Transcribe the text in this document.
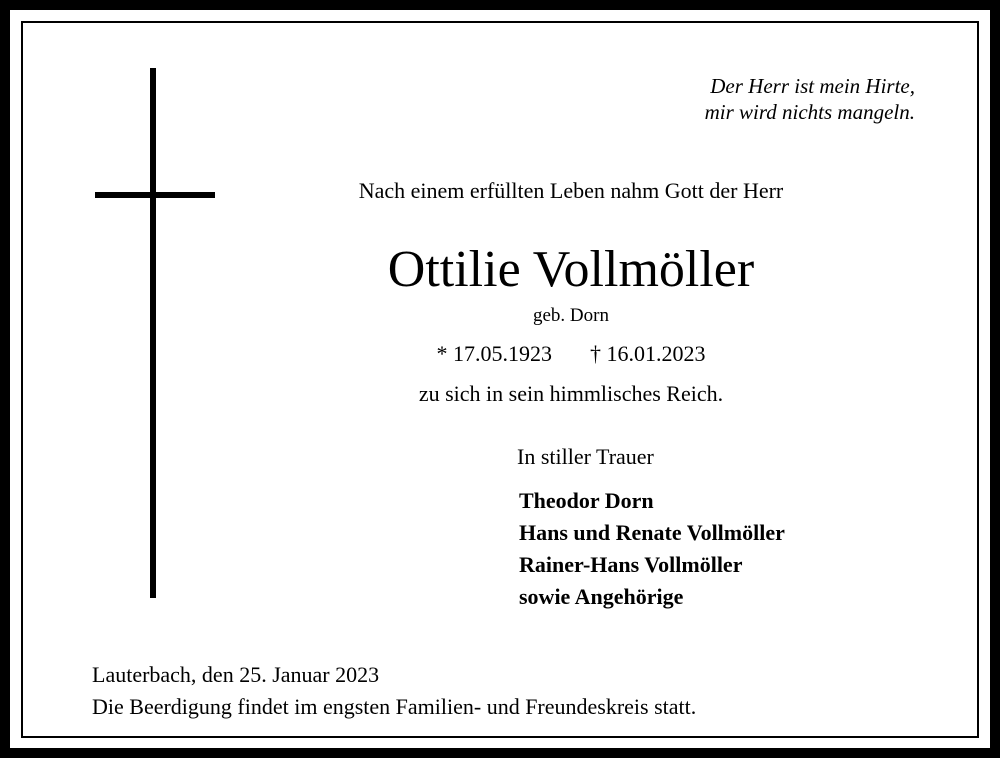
Der Herr ist mein Hirte,
mir wird nichts mangeln.
Nach einem erfüllten Leben nahm Gott der Herr
Ottilie Vollmöller
geb. Dorn
* 17.05.1923 † 16.01.2023
zu sich in sein himmlisches Reich.
In stiller Trauer
Theodor Dorn
Hans und Renate Vollmöller
Rainer-Hans Vollmöller
sowie Angehörige
Lauterbach, den 25. Januar 2023
Die Beerdigung findet im engsten Familien- und Freundeskreis statt.
